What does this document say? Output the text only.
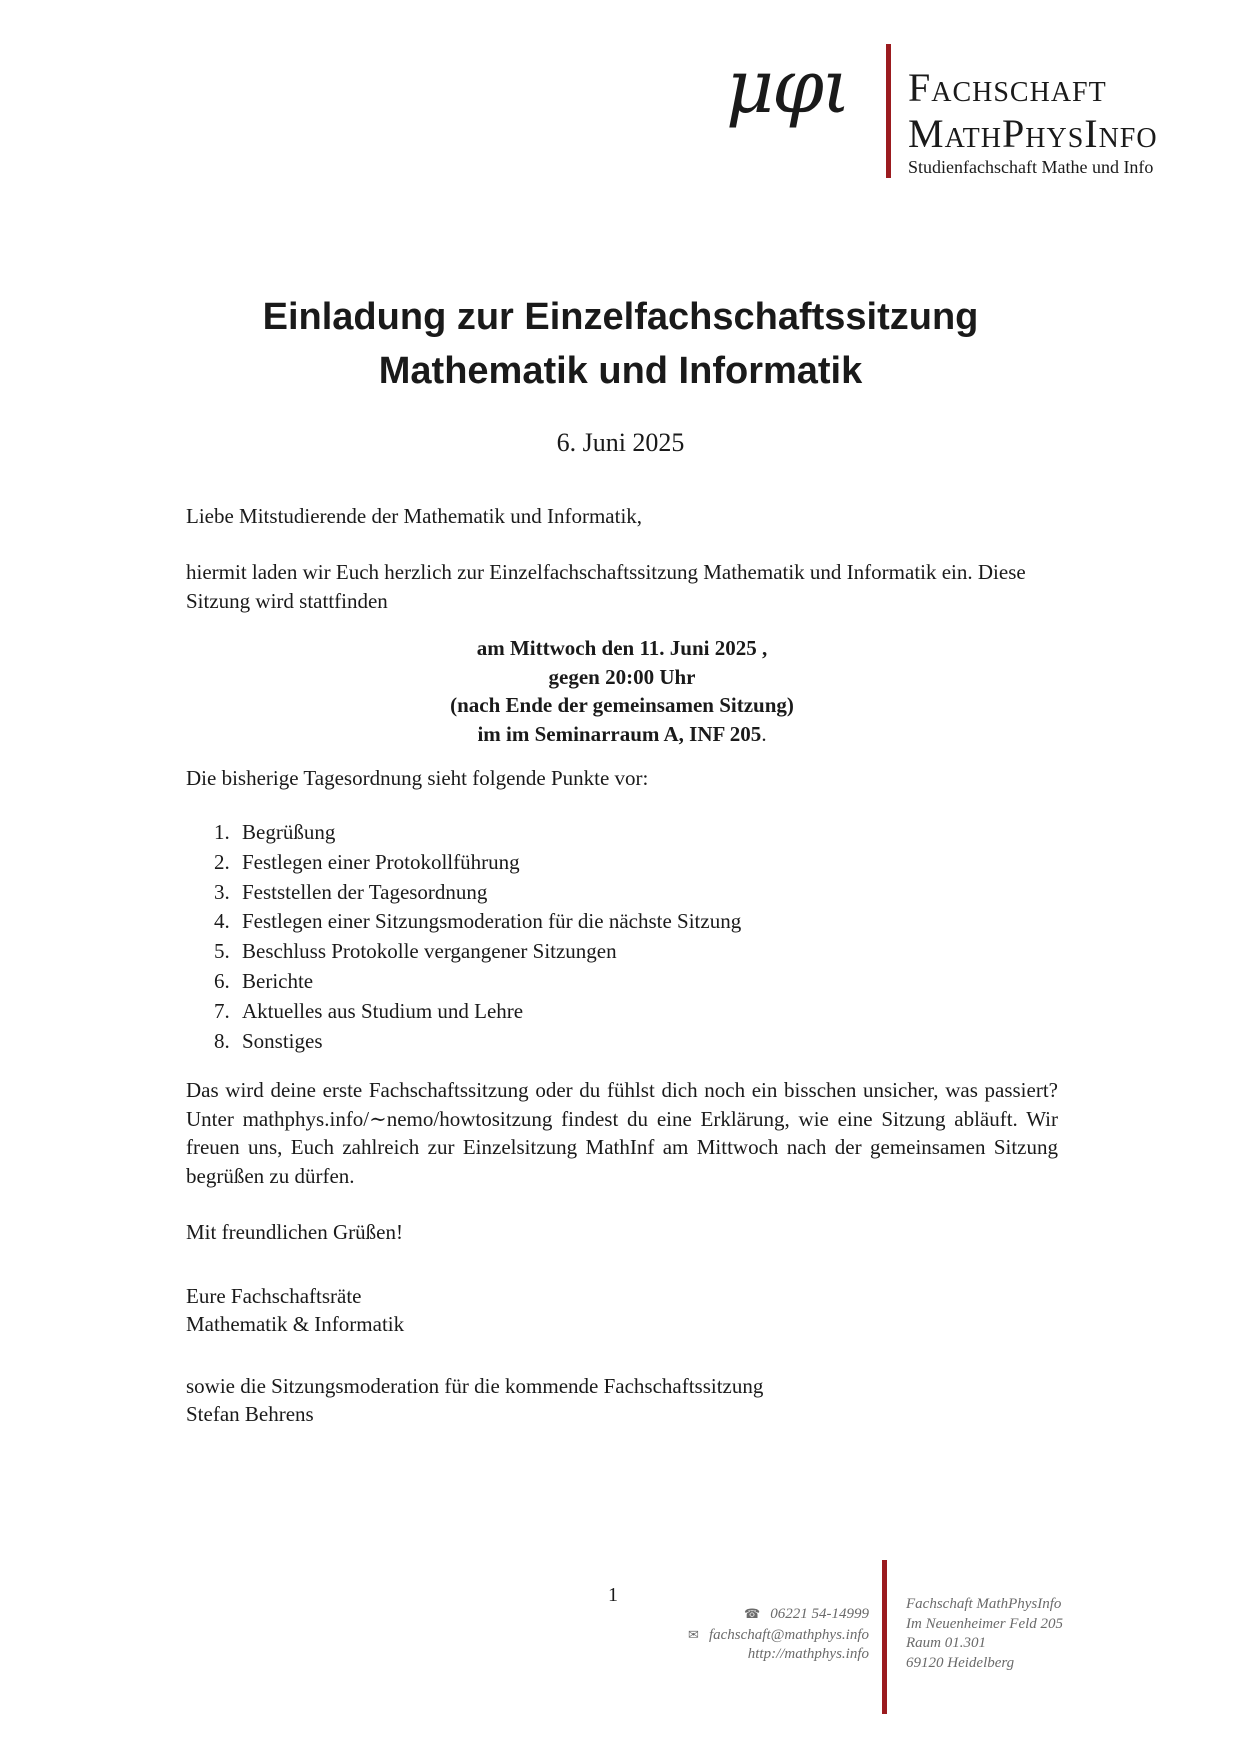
μφι Fachschaft
MathPhysInfo
Studienfachschaft Mathe und Info
Einladung zur Einzelfachschaftssitzung
Mathematik und Informatik
6. Juni 2025
Liebe Mitstudierende der Mathematik und Informatik,
hiermit laden wir Euch herzlich zur Einzelfachschaftssitzung Mathematik und Informatik ein. Diese Sitzung wird stattfinden
am Mittwoch den 11. Juni 2025 ,
gegen 20:00 Uhr
(nach Ende der gemeinsamen Sitzung)
im im Seminarraum A, INF 205.
Die bisherige Tagesordnung sieht folgende Punkte vor:
1. Begrüßung
2. Festlegen einer Protokollführung
3. Feststellen der Tagesordnung
4. Festlegen einer Sitzungsmoderation für die nächste Sitzung
5. Beschluss Protokolle vergangener Sitzungen
6. Berichte
7. Aktuelles aus Studium und Lehre
8. Sonstiges
Das wird deine erste Fachschaftssitzung oder du fühlst dich noch ein bisschen unsicher, was passiert? Unter mathphys.info/∼nemo/howtositzung findest du eine Erklärung, wie eine Sitzung abläuft. Wir freuen uns, Euch zahlreich zur Einzelsitzung MathInf am Mittwoch nach der gemeinsamen Sitzung begrüßen zu dürfen.
Mit freundlichen Grüßen!
Eure Fachschaftsräte
Mathematik & Informatik
sowie die Sitzungsmoderation für die kommende Fachschaftssitzung
Stefan Behrens
1
☎ 06221 54-14999
✉ fachschaft@mathphys.info
http://mathphys.info
Fachschaft MathPhysInfo
Im Neuenheimer Feld 205
Raum 01.301
69120 Heidelberg
